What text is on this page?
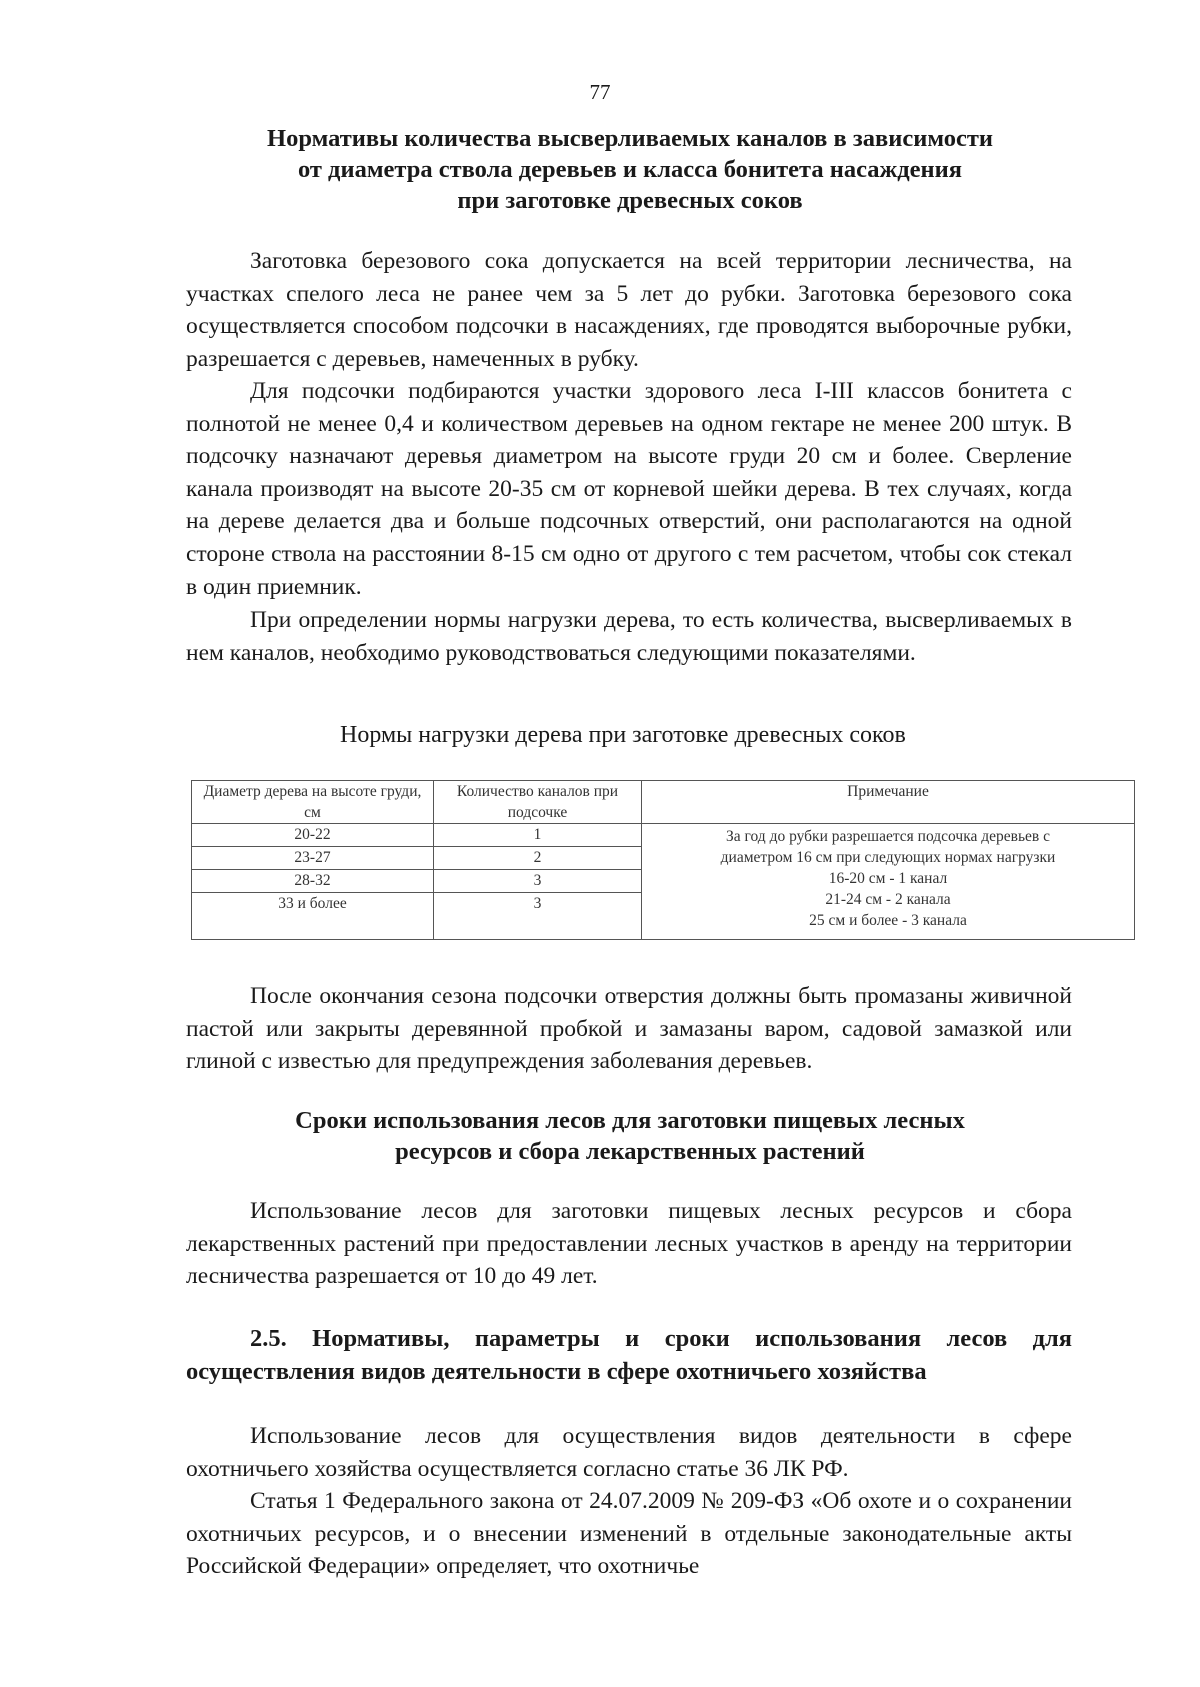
77
Нормативы количества высверливаемых каналов в зависимости
от диаметра ствола деревьев и класса бонитета насаждения
при заготовке древесных соков

Заготовка березового сока допускается на всей территории лесничества, на участках спелого леса не ранее чем за 5 лет до рубки. Заготовка березового сока осуществляется способом подсочки в насаждениях, где проводятся выборочные рубки, разрешается с деревьев, намеченных в рубку.

Для подсочки подбираются участки здорового леса I-III классов бонитета с полнотой не менее 0,4 и количеством деревьев на одном гектаре не менее 200 штук. В подсочку назначают деревья диаметром на высоте груди 20 см и более. Сверление канала производят на высоте 20-35 см от корневой шейки дерева. В тех случаях, когда на дереве делается два и больше подсочных отверстий, они располагаются на одной стороне ствола на расстоянии 8-15 см одно от другого с тем расчетом, чтобы сок стекал в один приемник.

При определении нормы нагрузки дерева, то есть количества, высверливаемых в нем каналов, необходимо руководствоваться следующими показателями.

Нормы нагрузки дерева при заготовке древесных соков
Диаметр дерева на высоте груди, см	Количество каналов при подсочке	Примечание
20-22	1	За год до рубки разрешается подсочка деревьев с
диаметром 16 см при следующих нормах нагрузки
16-20 см - 1 канал
21-24 см - 2 канала
25 см и более - 3 канала

23-27	2	
28-32	3	
33 и более	3	

После окончания сезона подсочки отверстия должны быть промазаны живичной пастой или закрыты деревянной пробкой и замазаны варом, садовой замазкой или глиной с известью для предупреждения заболевания деревьев.

Сроки использования лесов для заготовки пищевых лесных
ресурсов и сбора лекарственных растений

Использование лесов для заготовки пищевых лесных ресурсов и сбора лекарственных растений при предоставлении лесных участков в аренду на территории лесничества разрешается от 10 до 49 лет.

2.5. Нормативы, параметры и сроки использования лесов для осуществления видов деятельности в сфере охотничьего хозяйства

Использование лесов для осуществления видов деятельности в сфере охотничьего хозяйства осуществляется согласно статье 36 ЛК РФ.

Статья 1 Федерального закона от 24.07.2009 № 209-ФЗ «Об охоте и о сохранении охотничьих ресурсов, и о внесении изменений в отдельные законодательные акты Российской Федерации» определяет, что охотничье
